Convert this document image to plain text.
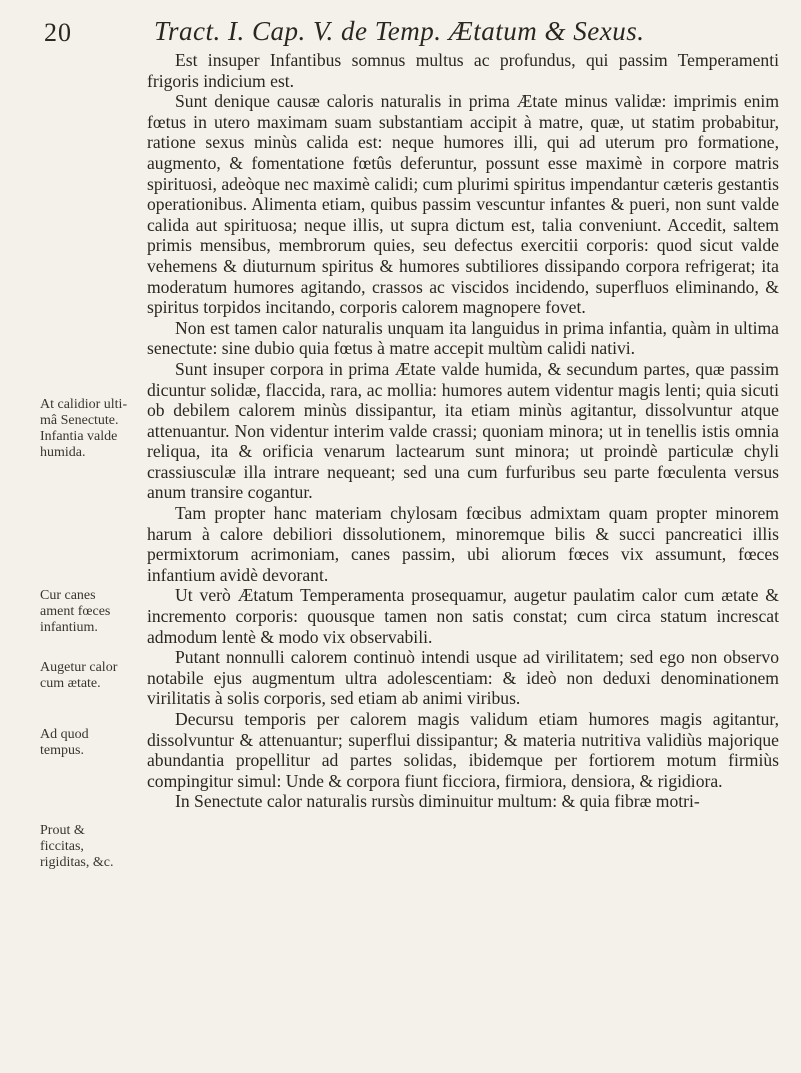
20	Tract. I. Cap. V. de Temp. Ætatum & Sexus.

Est insuper Infantibus somnus multus ac profundus, qui passim Temperamenti frigoris indicium est.

Sunt denique causæ caloris naturalis in prima Ætate minus validæ: imprimis enim fœtus in utero maximam suam substantiam accipit à matre, quæ, ut statim probabitur, ratione sexus minùs calida est: neque humores illi, qui ad uterum pro formatione, augmento, & fomentatione fœtûs deferuntur, possunt esse maximè in corpore matris spirituosi, adeòque nec maximè calidi; cum plurimi spiritus impendantur cæteris gestantis operationibus. Alimenta etiam, quibus passim vescuntur infantes & pueri, non sunt valde calida aut spirituosa; neque illis, ut supra dictum est, talia conveniunt. Accedit, saltem primis mensibus, membrorum quies, seu defectus exercitii corporis: quod sicut valde vehemens & diuturnum spiritus & humores subtiliores dissipando corpora refrigerat; ita moderatum humores agitando, crassos ac viscidos incidendo, superfluos eliminando, & spiritus torpidos incitando, corporis calorem magnopere fovet.

Non est tamen calor naturalis unquam ita languidus in prima infantia, quàm in ultima senectute: sine dubio quia fœtus à matre accepit multùm calidi nativi.

Sunt insuper corpora in prima Ætate valde humida, & secundum partes, quæ passim dicuntur solidæ, flaccida, rara, ac mollia: humores autem videntur magis lenti; quia sicuti ob debilem calorem minùs dissipantur, ita etiam minùs agitantur, dissolvuntur atque attenuantur. Non videntur interim valde crassi; quoniam minora; ut in tenellis istis omnia reliqua, ita & orificia venarum lactearum sunt minora; ut proindè particulæ chyli crassiusculæ illa intrare nequeant; sed una cum furfuribus seu parte fœculenta versus anum transire cogantur.

Tam propter hanc materiam chylosam fœcibus admixtam quam propter minorem harum à calore debiliori dissolutionem, minoremque bilis & succi pancreatici illis permixtorum acrimoniam, canes passim, ubi aliorum fœces vix assumunt, fœces infantium avidè devorant.

Ut verò Ætatum Temperamenta prosequamur, augetur paulatim calor cum ætate & incremento corporis: quousque tamen non satis constat; cum circa statum increscat admodum lentè & modo vix observabili.

Putant nonnulli calorem continuò intendi usque ad virilitatem; sed ego non observo notabile ejus augmentum ultra adolescentiam: & ideò non deduxi denominationem virilitatis à solis corporis, sed etiam ab animi viribus.

Decursu temporis per calorem magis validum etiam humores magis agitantur, dissolvuntur & attenuantur; superflui dissipantur; & materia nutritiva validiùs majorique abundantia propellitur ad partes solidas, ibidemque per fortiorem motum firmiùs compingitur simul: Unde & corpora fiunt ficciora, firmiora, densiora, & rigidiora.

In Senectute calor naturalis rursùs diminuitur multum: & quia fibræ motri-

At calidior ultimâ Senectute. Infantia valde humida.
Cur canes ament fœces infantium.
Augetur calor cum ætate.
Ad quod tempus.
Prout & ficcitas, rigiditas, &c.
